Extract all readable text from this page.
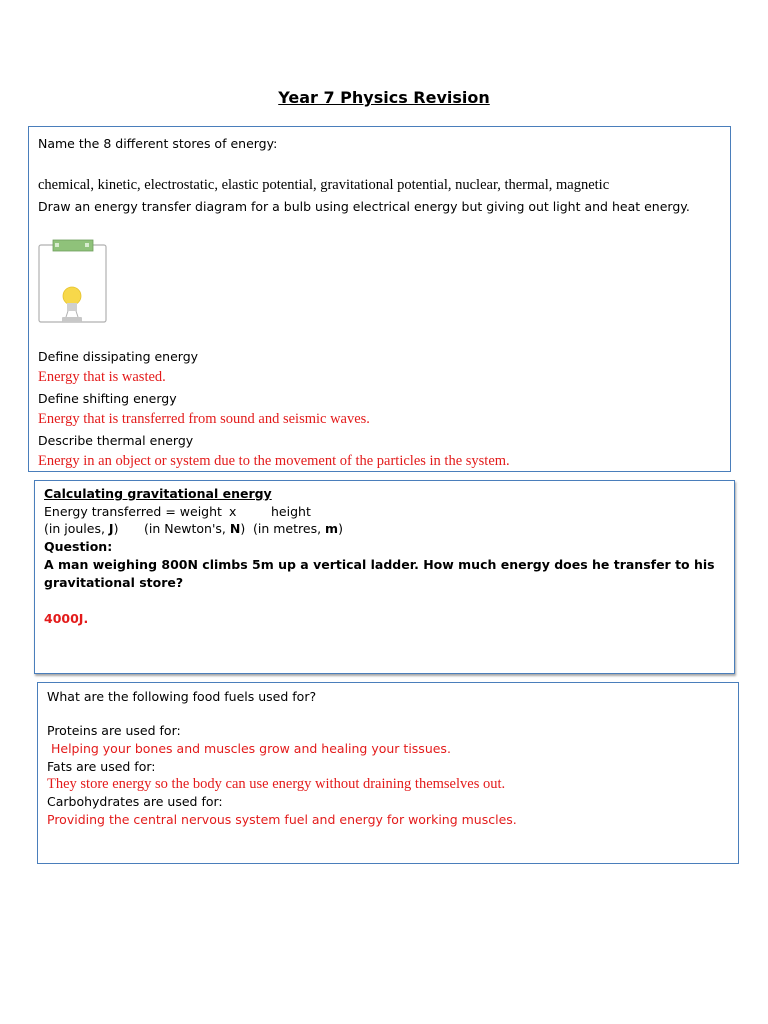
Year 7 Physics Revision
Name the 8 different stores of energy:
chemical, kinetic, electrostatic, elastic potential, gravitational potential, nuclear, thermal, magnetic
Draw an energy transfer diagram for a bulb using electrical energy but giving out light and heat energy.
Define dissipating energy
Energy that is wasted.
Define shifting energy
Energy that is transferred from sound and seismic waves.
Describe thermal energy
Energy in an object or system due to the movement of the particles in the system.
Calculating gravitational energy
Energy transferred = weight x	height
(in joules, J) (in Newton's, N) (in metres, m)
Question:
A man weighing 800N climbs 5m up a vertical ladder. How much energy does he transfer to his
gravitational store?
4000J.
What are the following food fuels used for?
Proteins are used for:
Helping your bones and muscles grow and healing your tissues.
Fats are used for:
They store energy so the body can use energy without draining themselves out.
Carbohydrates are used for:
Providing the central nervous system fuel and energy for working muscles.
